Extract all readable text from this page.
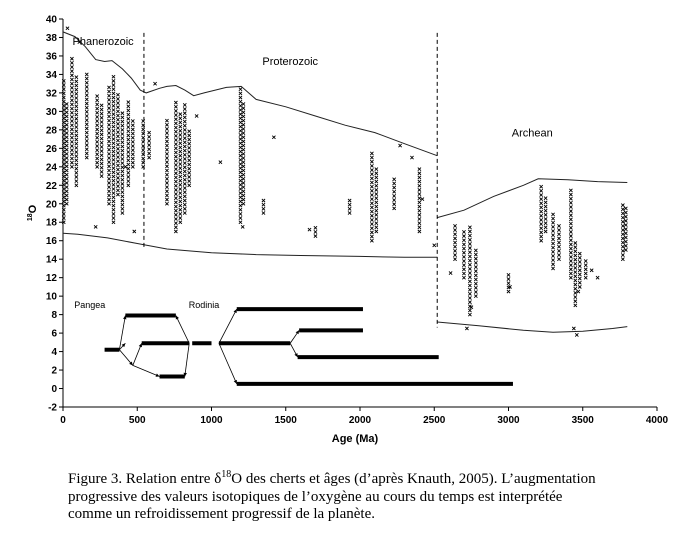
-2
0
2
4
6
8
10
12
14
16
18
20
22
24
26
28
30
32
34
36
38
40
0	500	1000	1500	2000	2500	3000	3500	4000
Pangea	Rodinia
Phanerozoic
Proterozoic
Archean
Age (Ma)
$^{18}$O

Figure 3. Relation entre $\delta^{18}O$ des cherts et âges (d’après Knauth, 2005). L’augmentation

progressive des valeurs isotopiques de l’oxygène au cours du temps est interprétée

comme un refroidissement progressif de la planète.
